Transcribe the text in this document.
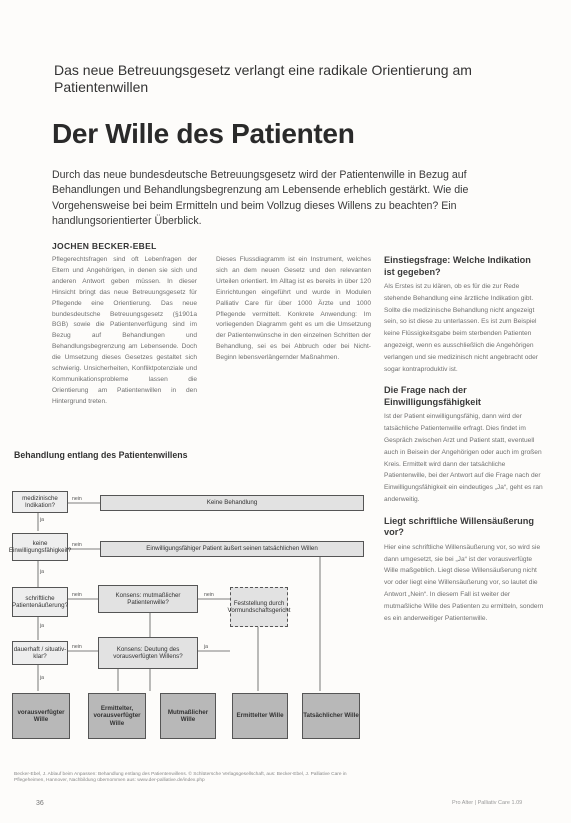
Das neue Betreuungsgesetz verlangt eine radikale Orientierung am Patientenwillen
Der Wille des Patienten
Durch das neue bundesdeutsche Betreuungsgesetz wird der Patientenwille in Bezug auf Behandlungen und Behandlungsbegrenzung am Lebensende erheblich gestärkt. Wie die Vorgehensweise bei beim Ermitteln und beim Vollzug dieses Willens zu beachten? Ein handlungsorientierter Überblick.
JOCHEN BECKER-EBEL
Pflegerechtsfragen sind oft Lebenfragen der Eltern und Angehörigen, in denen sie sich und anderen Antwort geben müssen. In dieser Hinsicht bringt das neue Betreuungsgesetz für Pflegende eine Orientierung. Das neue bundesdeutsche Betreuungsgesetz (§1901a BGB) sowie die Patientenverfügung sind im Bezug auf Behandlungen und Behandlungsbegrenzung am Lebensende. Doch die Umsetzung dieses Gesetzes gestaltet sich schwierig. Unsicherheiten, Konfliktpotenziale und Kommunikationsprobleme lassen die Orientierung am Patientenwillen in den Hintergrund treten.
Dieses Flussdiagramm ist ein Instrument, welches sich an dem neuen Gesetz und den relevanten Urteilen orientiert. Im Alltag ist es bereits in über 120 Einrichtungen eingeführt und wurde in Modulen Palliativ Care für über 1000 Ärzte und 1000 Pflegende vermittelt. Konkrete Anwendung: Im vorliegenden Diagramm geht es um die Umsetzung der Patientenwünsche in den einzelnen Schritten der Behandlung, sei es bei Abbruch oder bei Nicht-Beginn lebensverlängernder Maßnahmen.
Einstiegsfrage: Welche Indikation ist gegeben?
Als Erstes ist zu klären, ob es für die zur Rede stehende Behandlung eine ärztliche Indikation gibt. Sollte die medizinische Behandlung nicht angezeigt sein, so ist diese zu unterlassen. Es ist zum Beispiel keine Flüssigkeitsgabe beim sterbenden Patienten angezeigt, wenn es ausschließlich die Angehörigen verlangen und sie medizinisch nicht angebracht oder sogar kontraproduktiv ist.
Die Frage nach der Einwilligungsfähigkeit
Ist der Patient einwilligungsfähig, dann wird der tatsächliche Patientenwille erfragt. Dies findet im Gespräch zwischen Arzt und Patient statt, eventuell auch in Beisein der Angehörigen oder auch im großen Kreis. Ermittelt wird dann der tatsächliche Patientenwille, bei der Antwort auf die Frage nach der Einwilligungsfähigkeit ein eindeutiges „Ja“, geht es ran anderweitig.
Liegt schriftliche Willensäußerung vor?
Hier eine schriftliche Willensäußerung vor, so wird sie dann umgesetzt, sie bei „Ja“ ist der vorausverfügte Wille maßgeblich. Liegt diese Willensäußerung nicht vor oder liegt eine Willensäußerung vor, so lautet die Antwort „Nein“. In diesem Fall ist weiter der mutmaßliche Wille des Patienten zu ermitteln, sondern es ein anderweitiger Patientenwille.
Behandlung entlang des Patientenwillens
medizinische Indikation?
keine Einwilligungsfähigkeit?
schriftliche Patientenäußerung?
dauerhaft / situativ-klar?
Keine Behandlung
Einwilligungsfähiger Patient äußert seinen tatsächlichen Willen
Konsens: mutmaßlicher Patientenwille?
Konsens: Deutung des vorausverfügten Willens?
Feststellung durch Vormundschaftsgericht
vorausverfügter Wille
Ermittelter, vorausverfügter Wille
Mutmaßlicher Wille
Ermittelter Wille	Tatsächlicher Wille
ja
ja
ja
ja
nein
nein
nein
nein
nein
ja
Becker-Ebel, J. Ablauf beim Anpassen: Behandlung entlang des Patientenwillens. © Schlütersche Verlagsgesellschaft, aus: Becker-Ebel, J. Palliative Care in Pflegeheimen, Hannover, Nachbildung übernommen aus: www.der-palliative.de/index.php
36	Pro Alter | Palliativ Care 1.09
